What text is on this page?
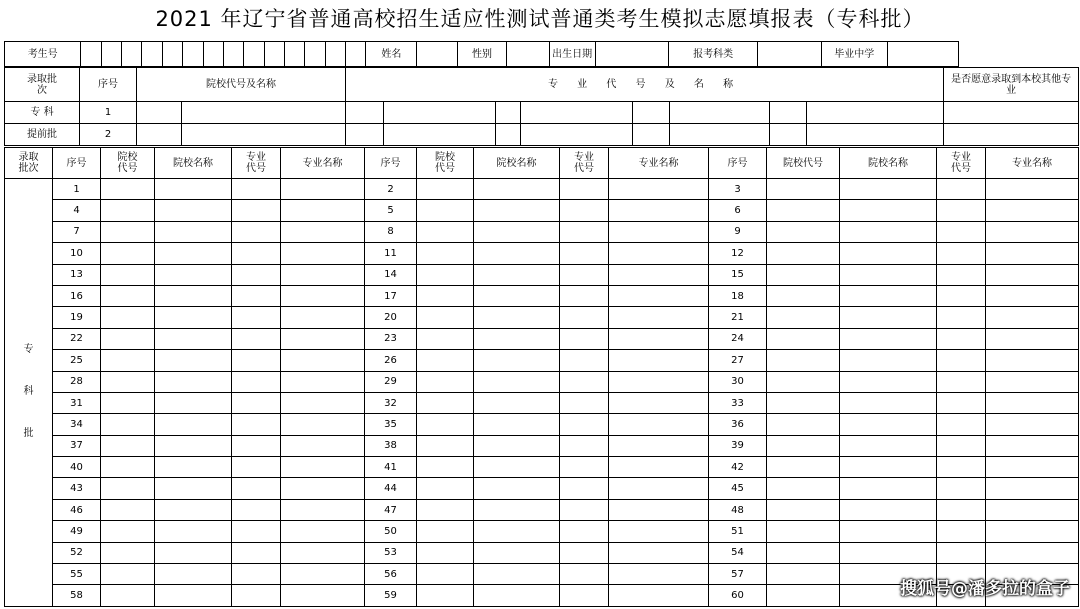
2021 年辽宁省普通高校招生适应性测试普通类考生模拟志愿填报表（专科批）
考生号															姓名		性别		出生日期		报考科类		毕业中学	
录取批次	序号	院校代号及名称		专 业 代 号 及 名 称								是否愿意录取到本校其他专业
专 科	1											
提前批	2											
录取批次	序号	院校代号	院校名称	专业代号	专业名称	序号	院校代号	院校名称	专业代号	专业名称	序号	院校代号	院校名称	专业代号	专业名称

专
科
批	1					2					3				
	4					5					6				
	7					8					9				
	10					11					12				
	13					14					15				
	16					17					18				
	19					20					21				
	22					23					24				
	25					26					27				
	28					29					30				
	31					32					33				
	34					35					36				
	37					38					39				
	40					41					42				
	43					44					45				
	46					47					48				
	49					50					51				
	52					53					54				
	55					56					57				
	58					59					60					搜狐号@潘多拉的盒子
